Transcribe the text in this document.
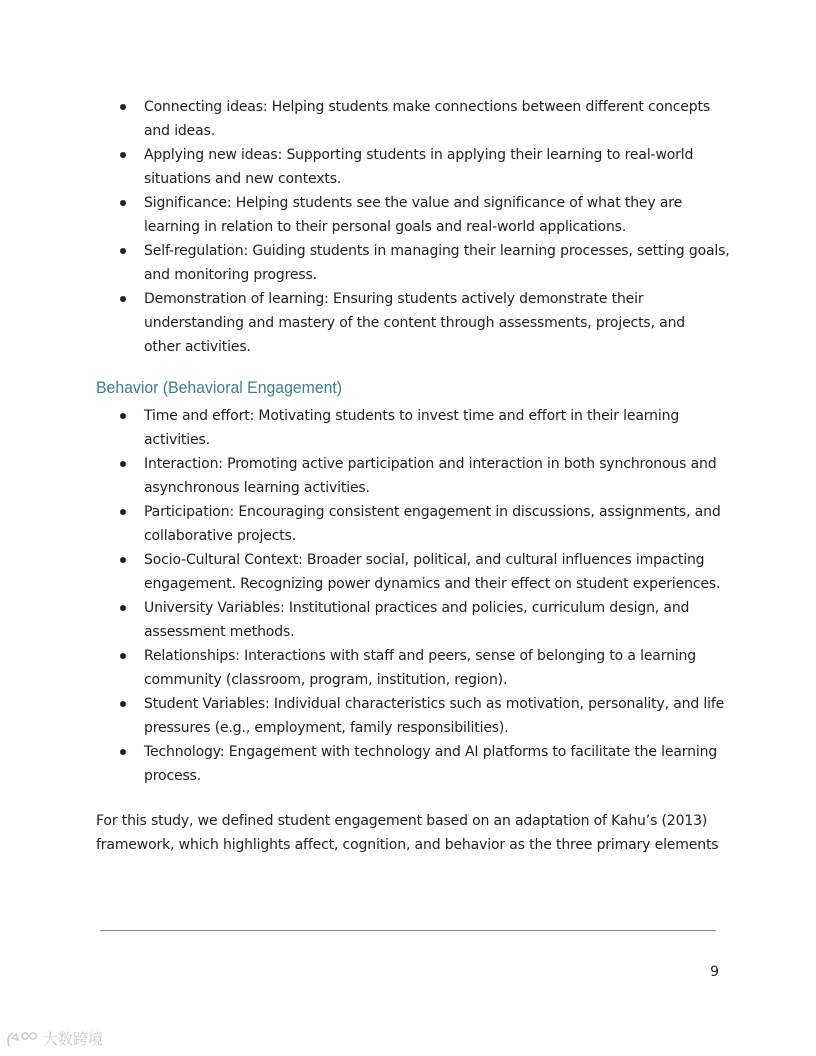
Connecting ideas: Helping students make connections between different concepts
and ideas.
Applying new ideas: Supporting students in applying their learning to real-world
situations and new contexts.
Significance: Helping students see the value and significance of what they are
learning in relation to their personal goals and real-world applications.
Self-regulation: Guiding students in managing their learning processes, setting goals,
and monitoring progress.
Demonstration of learning: Ensuring students actively demonstrate their
understanding and mastery of the content through assessments, projects, and
other activities.
Behavior (Behavioral Engagement)
Time and effort: Motivating students to invest time and effort in their learning
activities.
Interaction: Promoting active participation and interaction in both synchronous and
asynchronous learning activities.
Participation: Encouraging consistent engagement in discussions, assignments, and
collaborative projects.
Socio-Cultural Context: Broader social, political, and cultural influences impacting
engagement. Recognizing power dynamics and their effect on student experiences.
University Variables: Institutional practices and policies, curriculum design, and
assessment methods.
Relationships: Interactions with staff and peers, sense of belonging to a learning
community (classroom, program, institution, region).
Student Variables: Individual characteristics such as motivation, personality, and life
pressures (e.g., employment, family responsibilities).
Technology: Engagement with technology and AI platforms to facilitate the learning
process.

For this study, we defined student engagement based on an adaptation of Kahu’s (2013)
framework, which highlights affect, cognition, and behavior as the three primary elements

9
大数跨境
